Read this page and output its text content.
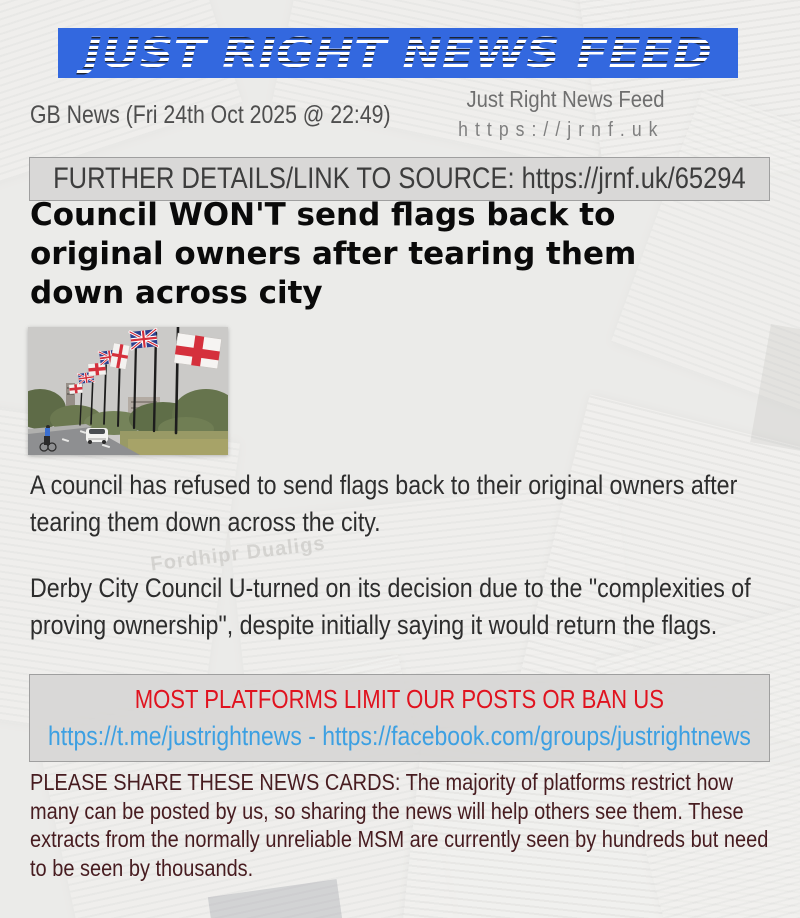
Fordhipr Dualigs
JUST RIGHT NEWS FEED
GB News (Fri 24th Oct 2025 @ 22:49)
Just Right News Feed
https://jrnf.uk
FURTHER DETAILS/LINK TO SOURCE: https://jrnf.uk/65294
Council WON'T send flags back to original owners after tearing them down across city

A council has refused to send flags back to their original owners after tearing them down across the city.

Derby City Council U-turned on its decision due to the "complexities of proving ownership", despite initially saying it would return the flags.

MOST PLATFORMS LIMIT OUR POSTS OR BAN US
https://t.me/justrightnews - https://facebook.com/groups/justrightnews

PLEASE SHARE THESE NEWS CARDS: The majority of platforms restrict how many can be posted by us, so sharing the news will help others see them. These extracts from the normally unreliable MSM are currently seen by hundreds but need to be seen by thousands.
